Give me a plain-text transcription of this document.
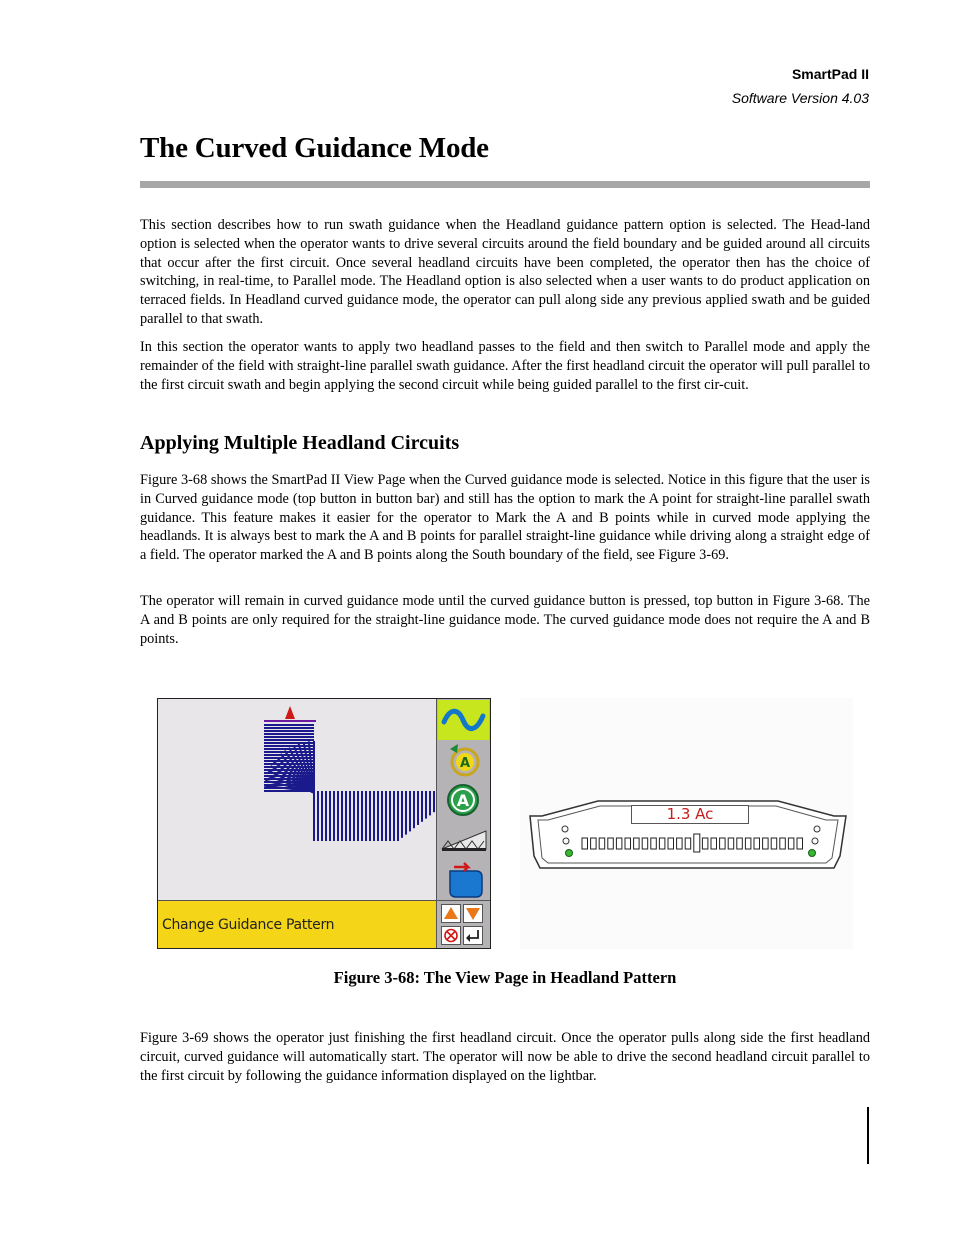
SmartPad II
Software Version 4.03
The Curved Guidance Mode

This section describes how to run swath guidance when the Headland guidance pattern option is selected. The Head-land option is selected when the operator wants to drive several circuits around the field boundary and be guided around all circuits that occur after the first circuit. Once several headland circuits have been completed, the operator then has the choice of switching, in real-time, to Parallel mode. The Headland option is also selected when a user wants to do product application on terraced fields. In Headland curved guidance mode, the operator can pull along side any previous applied swath and be guided parallel to that swath.

In this section the operator wants to apply two headland passes to the field and then switch to Parallel mode and apply the remainder of the field with straight-line parallel swath guidance. After the first headland circuit the operator will pull parallel to the first circuit swath and begin applying the second circuit while being guided parallel to the first cir-cuit.

Applying Multiple Headland Circuits

Figure 3-68 shows the SmartPad II View Page when the Curved guidance mode is selected. Notice in this figure that the user is in Curved guidance mode (top button in button bar) and still has the option to mark the A point for straight-line parallel swath guidance. This feature makes it easier for the operator to Mark the A and B points while in curved mode applying the headlands. It is always best to mark the A and B points for parallel straight-line guidance while driving along a straight edge of a field. The operator marked the A and B points along the South boundary of the field, see Figure 3-69.

The operator will remain in curved guidance mode until the curved guidance button is pressed, top button in Figure 3-68. The A and B points are only required for the straight-line guidance mode. The curved guidance mode does not require the A and B points.

A
A
Change Guidance Pattern
1.3 Ac

Figure 3-68: The View Page in Headland Pattern

Figure 3-69 shows the operator just finishing the first headland circuit. Once the operator pulls along side the first headland circuit, curved guidance will automatically start. The operator will now be able to drive the second headland circuit parallel to the first circuit by following the guidance information displayed on the lightbar.
